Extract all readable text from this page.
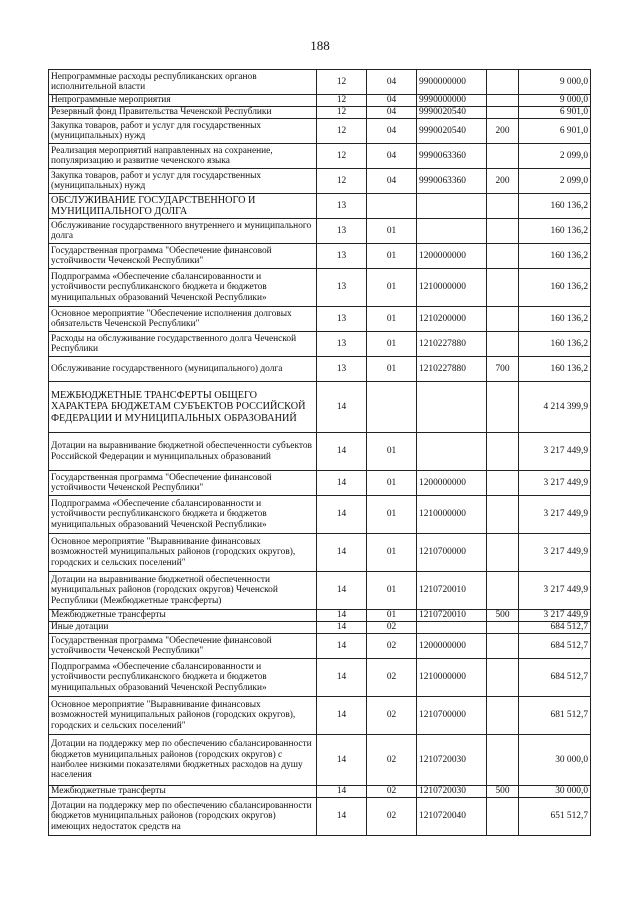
188
Непрограммные расходы республиканских органов исполнительной власти	12	04	9900000000		9 000,0
Непрограммные мероприятия	12	04	9990000000		9 000,0
Резервный фонд Правительства Чеченской Республики	12	04	9990020540		6 901,0
Закупка товаров, работ и услуг для государственных (муниципальных) нужд	12	04	9990020540	200	6 901,0
Реализация мероприятий направленных на сохранение, популяризацию и развитие чеченского языка	12	04	9990063360		2 099,0
Закупка товаров, работ и услуг для государственных (муниципальных) нужд	12	04	9990063360	200	2 099,0
ОБСЛУЖИВАНИЕ ГОСУДАРСТВЕННОГО И МУНИЦИПАЛЬНОГО ДОЛГА	13				160 136,2
Обслуживание государственного внутреннего и муниципального долга	13	01			160 136,2
Государственная программа "Обеспечение финансовой устойчивости Чеченской Республики"	13	01	1200000000		160 136,2
Подпрограмма «Обеспечение сбалансированности и устойчивости республиканского бюджета и бюджетов муниципальных образований Чеченской Республики»	13	01	1210000000		160 136,2
Основное мероприятие "Обеспечение исполнения долговых обязательств Чеченской Республики"	13	01	1210200000		160 136,2
Расходы на обслуживание государственного долга Чеченской Республики	13	01	1210227880		160 136,2
Обслуживание государственного (муниципального) долга	13	01	1210227880	700	160 136,2
МЕЖБЮДЖЕТНЫЕ ТРАНСФЕРТЫ ОБЩЕГО ХАРАКТЕРА БЮДЖЕТАМ СУБЪЕКТОВ РОССИЙСКОЙ ФЕДЕРАЦИИ И МУНИЦИПАЛЬНЫХ ОБРАЗОВАНИЙ	14				4 214 399,9
Дотации на выравнивание бюджетной обеспеченности субъектов Российской Федерации и муниципальных образований	14	01			3 217 449,9
Государственная программа "Обеспечение финансовой устойчивости Чеченской Республики"	14	01	1200000000		3 217 449,9
Подпрограмма «Обеспечение сбалансированности и устойчивости республиканского бюджета и бюджетов муниципальных образований Чеченской Республики»	14	01	1210000000		3 217 449,9
Основное мероприятие "Выравнивание финансовых возможностей муниципальных районов (городских округов), городских и сельских поселений"	14	01	1210700000		3 217 449,9
Дотации на выравнивание бюджетной обеспеченности муниципальных районов (городских округов) Чеченской Республики (Межбюджетные трансферты)	14	01	1210720010		3 217 449,9
Межбюджетные трансферты	14	01	1210720010	500	3 217 449,9
Иные дотации	14	02			684 512,7
Государственная программа "Обеспечение финансовой устойчивости Чеченской Республики"	14	02	1200000000		684 512,7
Подпрограмма «Обеспечение сбалансированности и устойчивости республиканского бюджета и бюджетов муниципальных образований Чеченской Республики»	14	02	1210000000		684 512,7
Основное мероприятие "Выравнивание финансовых возможностей муниципальных районов (городских округов), городских и сельских поселений"	14	02	1210700000		681 512,7
Дотации на поддержку мер по обеспечению сбалансированности бюджетов муниципальных районов (городских округов) с наиболее низкими показателями бюджетных расходов на душу населения	14	02	1210720030		30 000,0
Межбюджетные трансферты	14	02	1210720030	500	30 000,0
Дотации на поддержку мер по обеспечению сбалансированности бюджетов муниципальных районов (городских округов) имеющих недостаток средств на	14	02	1210720040		651 512,7
